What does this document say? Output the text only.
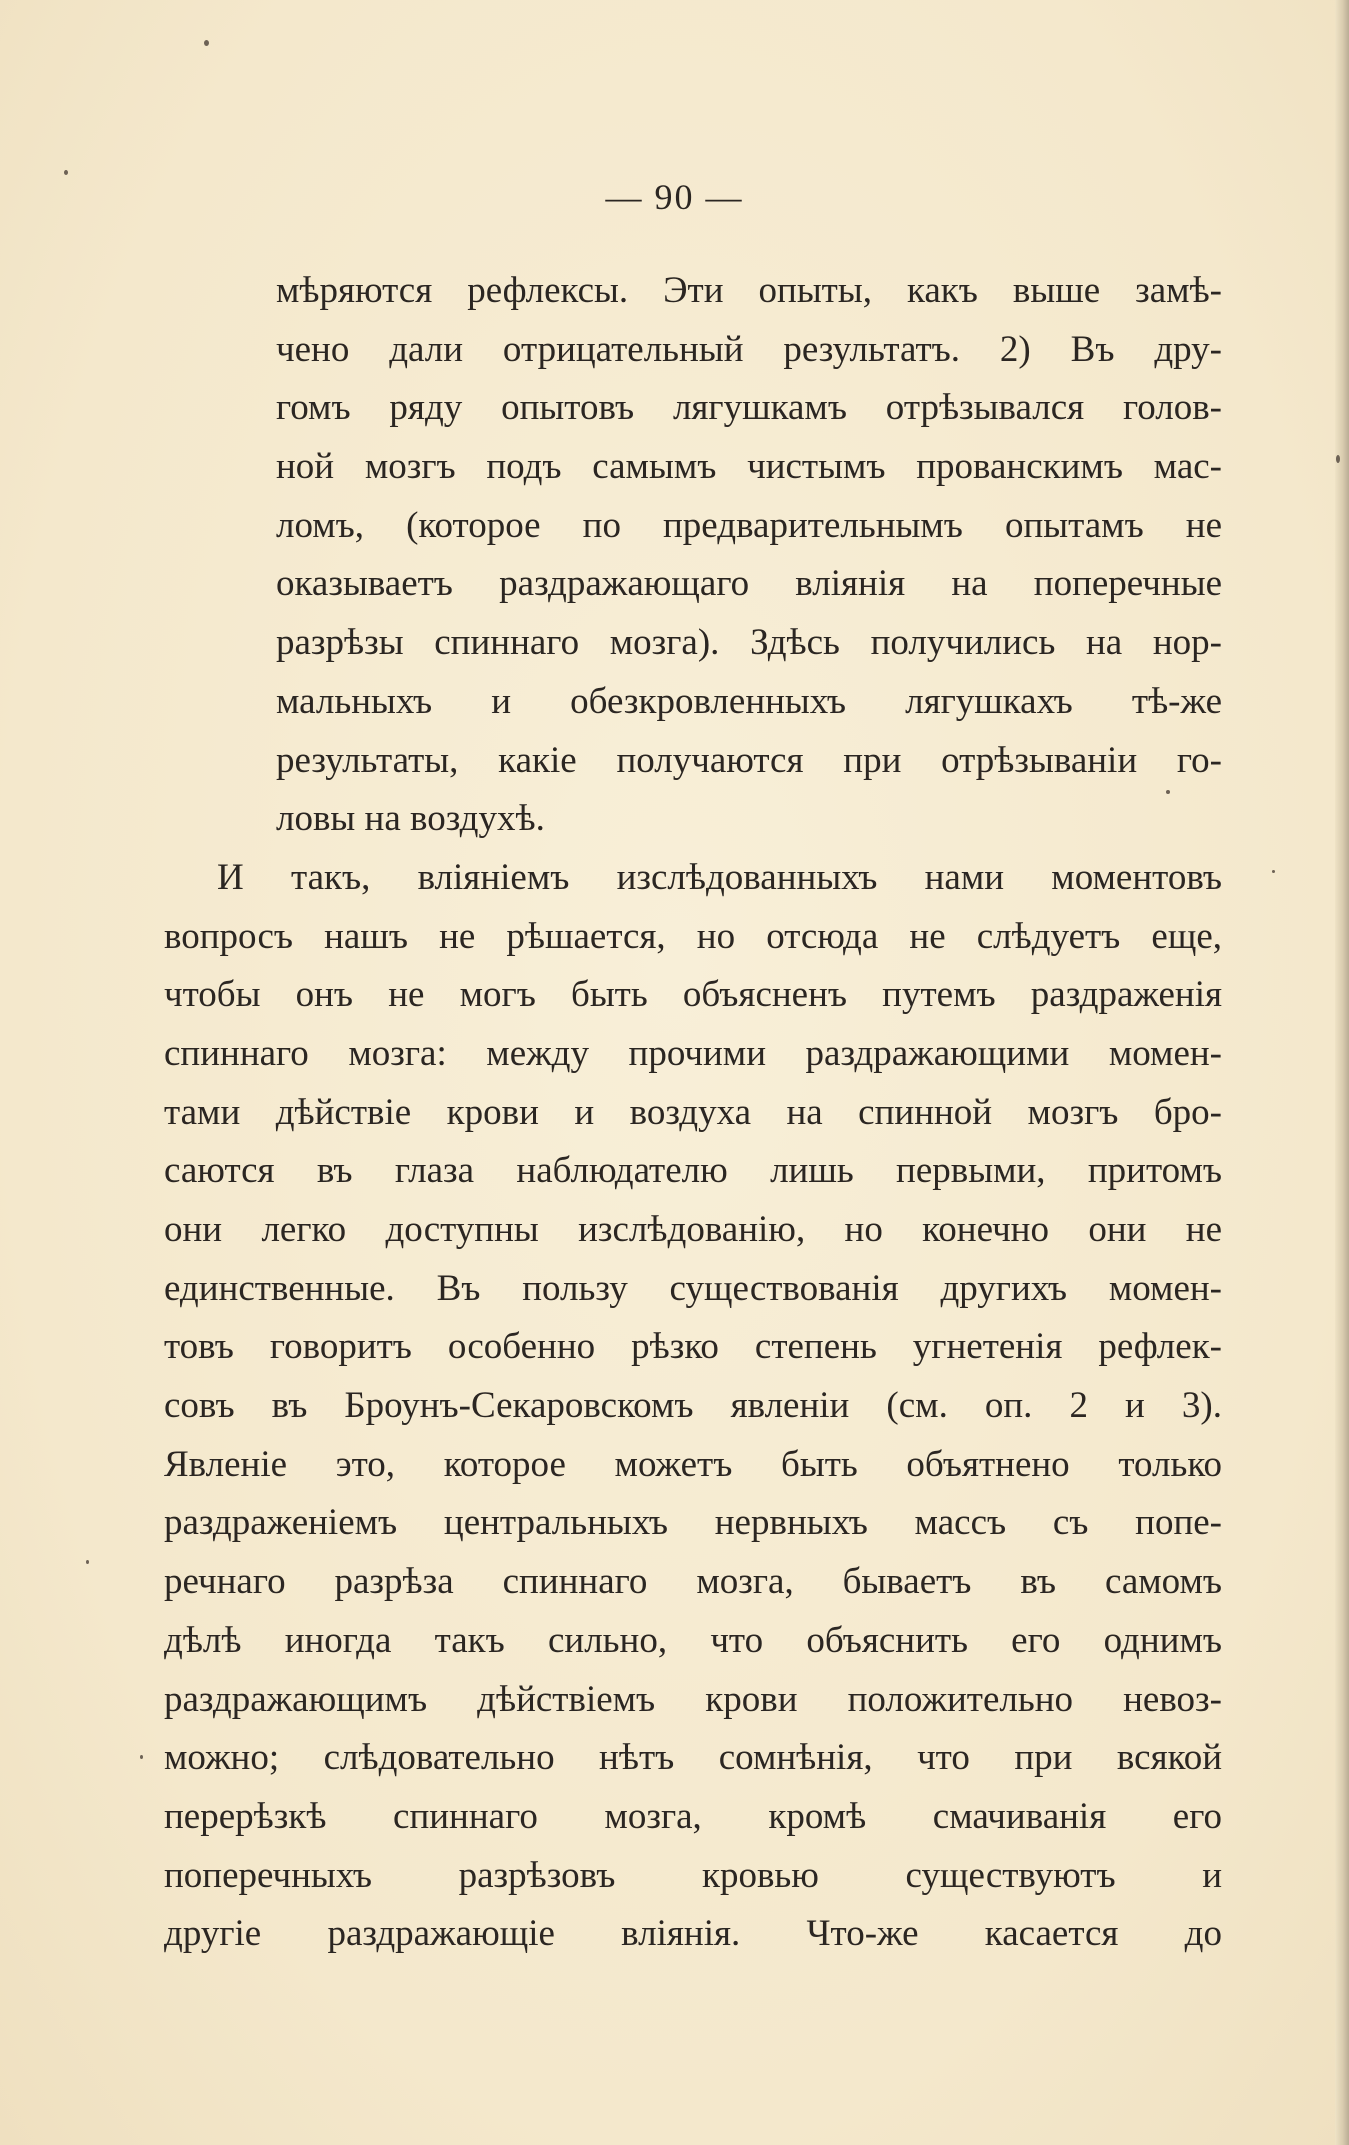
— 90 —
мѣряются рефлексы. Эти опыты, какъ выше замѣ-
чено дали отрицательный результатъ. 2) Въ дру-
гомъ ряду опытовъ лягушкамъ отрѣзывался голов-
ной мозгъ подъ самымъ чистымъ прованскимъ мас-
ломъ, (которое по предварительнымъ опытамъ не
оказываетъ раздражающаго вліянія на поперечные
разрѣзы спиннаго мозга). Здѣсь получились на нор-
мальныхъ и обезкровленныхъ лягушкахъ тѣ-же
результаты, какіе получаются при отрѣзываніи го-
ловы на воздухѣ.
И такъ, вліяніемъ изслѣдованныхъ нами моментовъ
вопросъ нашъ не рѣшается, но отсюда не слѣдуетъ еще,
чтобы онъ не могъ быть объясненъ путемъ раздраженія
спиннаго мозга: между прочими раздражающими момен-
тами дѣйствіе крови и воздуха на спинной мозгъ бро-
саются въ глаза наблюдателю лишь первыми, притомъ
они легко доступны изслѣдованію, но конечно они не
единственные. Въ пользу существованія другихъ момен-
товъ говоритъ особенно рѣзко степень угнетенія рефлек-
совъ въ Броунъ-Секаровскомъ явленіи (см. оп. 2 и 3).
Явленіе это, которое можетъ быть объятнено только
раздраженіемъ центральныхъ нервныхъ массъ съ попе-
речнаго разрѣза спиннаго мозга, бываетъ въ самомъ
дѣлѣ иногда такъ сильно, что объяснить его однимъ
раздражающимъ дѣйствіемъ крови положительно невоз-
можно; слѣдовательно нѣтъ сомнѣнія, что при всякой
перерѣзкѣ спиннаго мозга, кромѣ смачиванія его
поперечныхъ разрѣзовъ кровью существуютъ и
другіе раздражающіе вліянія. Что-же касается до
